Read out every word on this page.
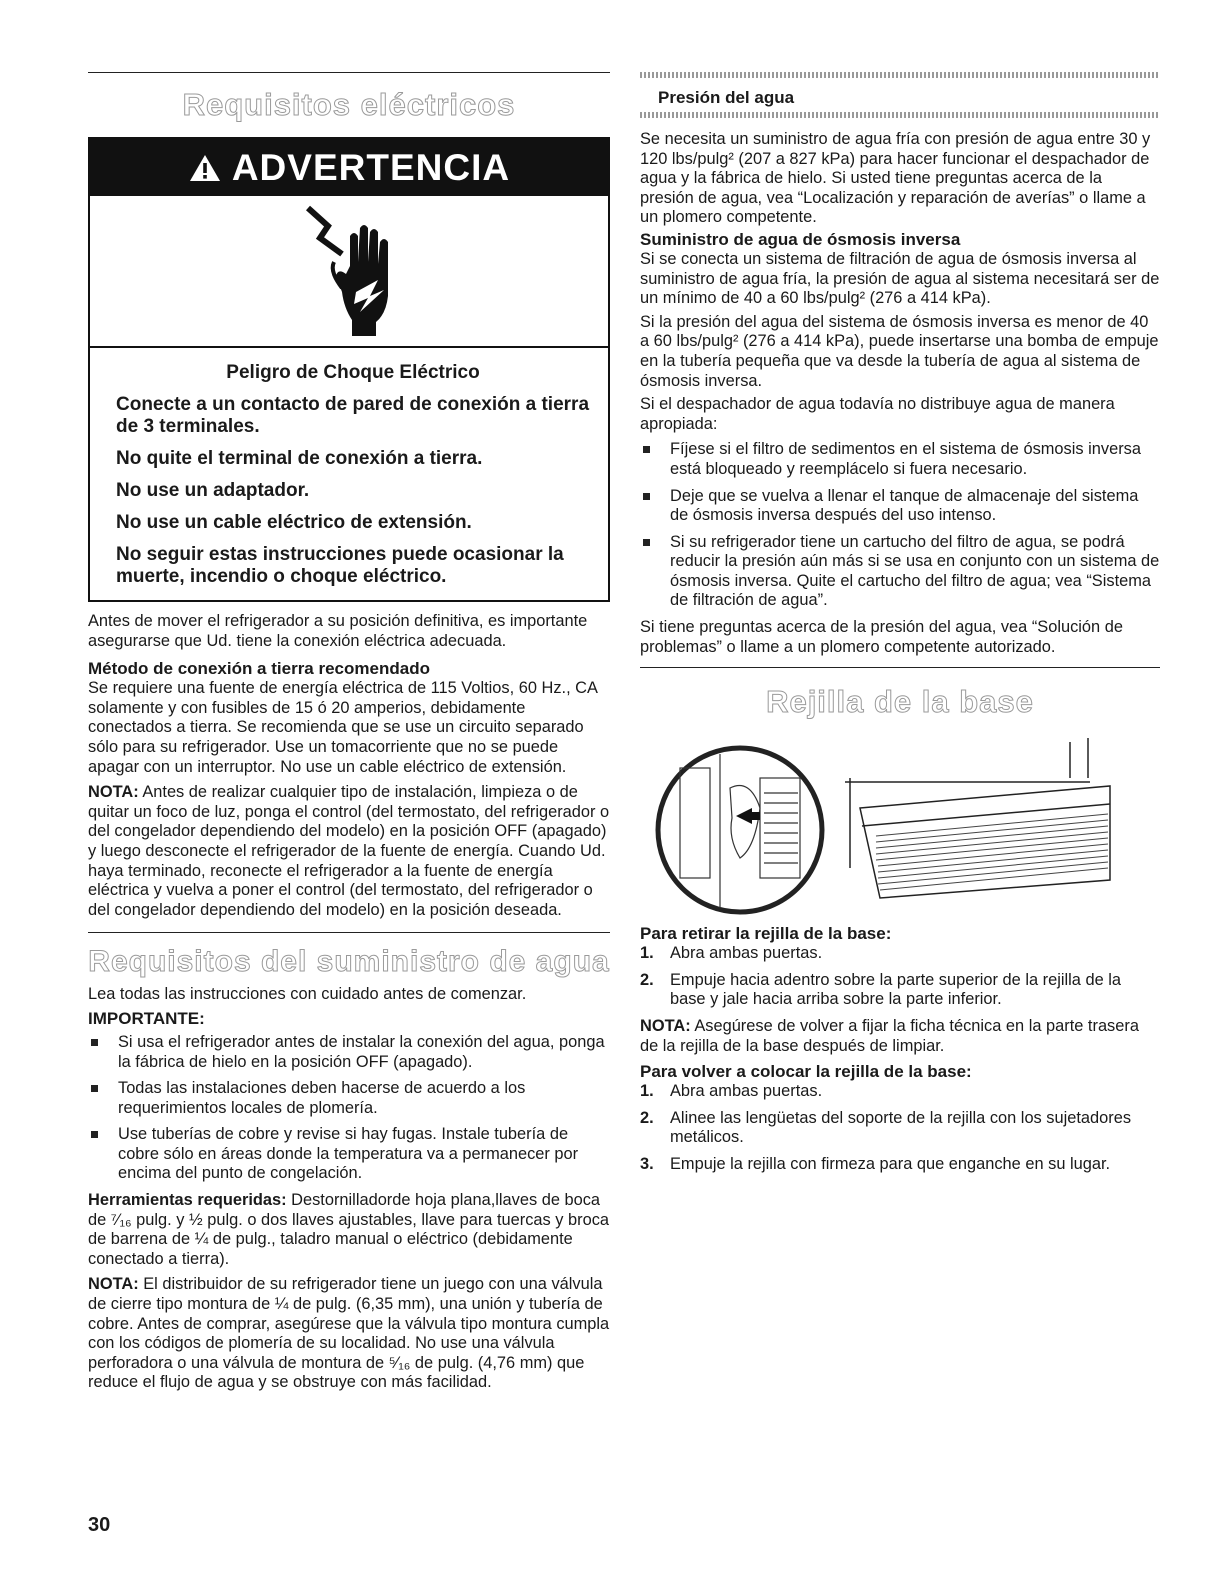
Requisitos eléctricos
ADVERTENCIA

Peligro de Choque Eléctrico

Conecte a un contacto de pared de conexión a tierra de 3 terminales.

No quite el terminal de conexión a tierra.

No use un adaptador.

No use un cable eléctrico de extensión.

No seguir estas instrucciones puede ocasionar la muerte, incendio o choque eléctrico.

Antes de mover el refrigerador a su posición definitiva, es importante asegurarse que Ud. tiene la conexión eléctrica adecuada.

Método de conexión a tierra recomendado

Se requiere una fuente de energía eléctrica de 115 Voltios, 60 Hz., CA solamente y con fusibles de 15 ó 20 amperios, debidamente conectados a tierra. Se recomienda que se use un circuito separado sólo para su refrigerador. Use un tomacorriente que no se puede apagar con un interruptor. No use un cable eléctrico de extensión.

NOTA: Antes de realizar cualquier tipo de instalación, limpieza o de quitar un foco de luz, ponga el control (del termostato, del refrigerador o del congelador dependiendo del modelo) en la posición OFF (apagado) y luego desconecte el refrigerador de la fuente de energía. Cuando Ud. haya terminado, reconecte el refrigerador a la fuente de energía eléctrica y vuelva a poner el control (del termostato, del refrigerador o del congelador dependiendo del modelo) en la posición deseada.

Requisitos del suministro de agua

Lea todas las instrucciones con cuidado antes de comenzar.

IMPORTANTE:

Si usa el refrigerador antes de instalar la conexión del agua, ponga la fábrica de hielo en la posición OFF (apagado).
Todas las instalaciones deben hacerse de acuerdo a los requerimientos locales de plomería.
Use tuberías de cobre y revise si hay fugas. Instale tubería de cobre sólo en áreas donde la temperatura va a permanecer por encima del punto de congelación.

Herramientas requeridas: Destornilladorde hoja plana,llaves de boca de ⁷⁄₁₆ pulg. y ½ pulg. o dos llaves ajustables, llave para tuercas y broca de barrena de ¼ de pulg., taladro manual o eléctrico (debidamente conectado a tierra).

NOTA: El distribuidor de su refrigerador tiene un juego con una válvula de cierre tipo montura de ¼ de pulg. (6,35 mm), una unión y tubería de cobre. Antes de comprar, asegúrese que la válvula tipo montura cumpla con los códigos de plomería de su localidad. No use una válvula perforadora o una válvula de montura de ⁵⁄₁₆ de pulg. (4,76 mm) que reduce el flujo de agua y se obstruye con más facilidad.

Presión del agua

Se necesita un suministro de agua fría con presión de agua entre 30 y 120 lbs/pulg² (207 a 827 kPa) para hacer funcionar el despachador de agua y la fábrica de hielo. Si usted tiene preguntas acerca de la presión de agua, vea “Localización y reparación de averías” o llame a un plomero competente.

Suministro de agua de ósmosis inversa

Si se conecta un sistema de filtración de agua de ósmosis inversa al suministro de agua fría, la presión de agua al sistema necesitará ser de un mínimo de 40 a 60 lbs/pulg² (276 a 414 kPa).

Si la presión del agua del sistema de ósmosis inversa es menor de 40 a 60 lbs/pulg² (276 a 414 kPa), puede insertarse una bomba de empuje en la tubería pequeña que va desde la tubería de agua al sistema de ósmosis inversa.

Si el despachador de agua todavía no distribuye agua de manera apropiada:

Fíjese si el filtro de sedimentos en el sistema de ósmosis inversa está bloqueado y reemplácelo si fuera necesario.
Deje que se vuelva a llenar el tanque de almacenaje del sistema de ósmosis inversa después del uso intenso.
Si su refrigerador tiene un cartucho del filtro de agua, se podrá reducir la presión aún más si se usa en conjunto con un sistema de ósmosis inversa. Quite el cartucho del filtro de agua; vea “Sistema de filtración de agua”.

Si tiene preguntas acerca de la presión del agua, vea “Solución de problemas” o llame a un plomero competente autorizado.

Rejilla de la base

Para retirar la rejilla de la base:

1. Abra ambas puertas.
2. Empuje hacia adentro sobre la parte superior de la rejilla de la base y jale hacia arriba sobre la parte inferior.

NOTA: Asegúrese de volver a fijar la ficha técnica en la parte trasera de la rejilla de la base después de limpiar.

Para volver a colocar la rejilla de la base:

1. Abra ambas puertas.
2. Alinee las lengüetas del soporte de la rejilla con los sujetadores metálicos.
3. Empuje la rejilla con firmeza para que enganche en su lugar.
30
